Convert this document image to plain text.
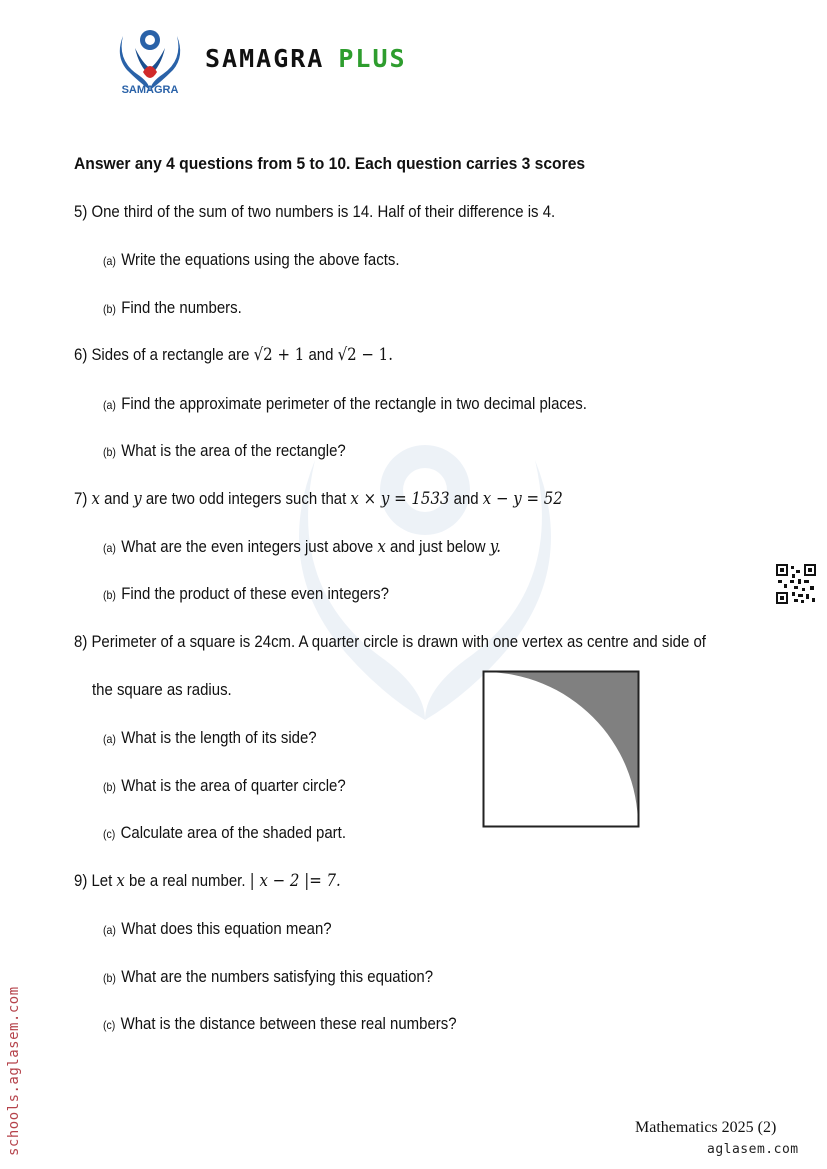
SAMAGRA
SAMAGRA PLUS
Answer any 4 questions from 5 to 10. Each question carries 3 scores
5) One third of the sum of two numbers is 14. Half of their difference is 4.
(a) Write the equations using the above facts.
(b) Find the numbers.
6) Sides of a rectangle are √2 + 1 and √2 − 1.
(a) Find the approximate perimeter of the rectangle in two decimal places.
(b) What is the area of the rectangle?
7) x and y are two odd integers such that x × y = 1533 and x − y = 52
(a) What are the even integers just above x and just below y.
(b) Find the product of these even integers?
8) Perimeter of a square is 24cm. A quarter circle is drawn with one vertex as centre and side of
the square as radius.
(a) What is the length of its side?
(b) What is the area of quarter circle?
(c) Calculate area of the shaded part.
9) Let x be a real number. | x − 2 |= 7.
(a) What does this equation mean?
(b) What are the numbers satisfying this equation?
(c) What is the distance between these real numbers?
schools.aglasem.com	Mathematics 2025 (2)
aglasem.com
